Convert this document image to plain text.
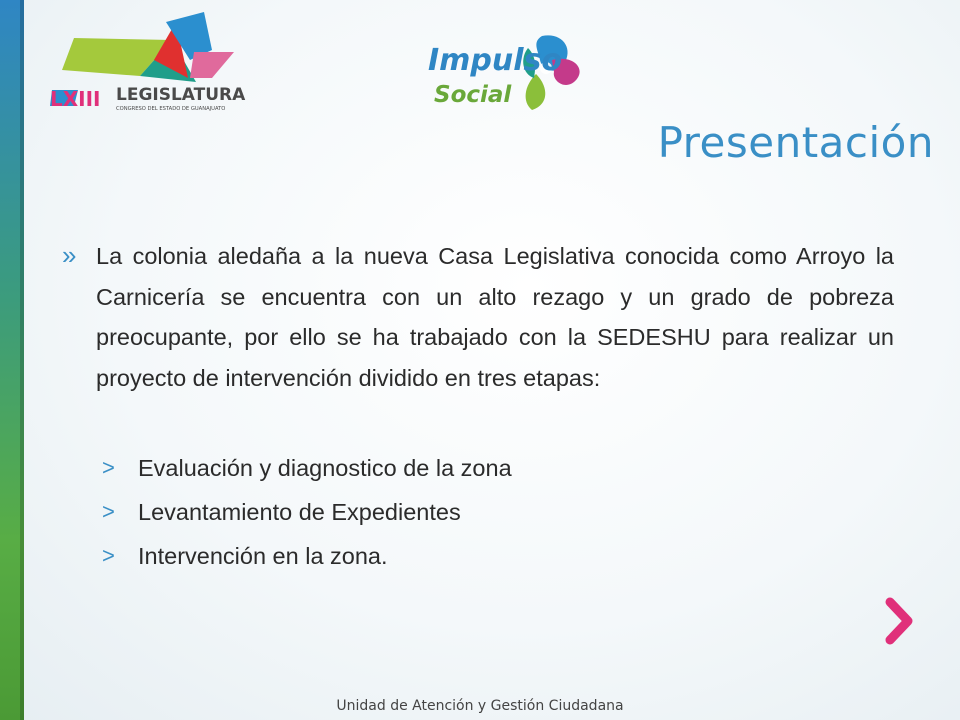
LXIII LEGISLATURA
CONGRESO DEL ESTADO DE GUANAJUATO
Impulso
Social
Presentación

» La colonia aledaña a la nueva Casa Legislativa conocida como Arroyo la Carnicería se encuentra con un alto rezago y un grado de pobreza preocupante, por ello se ha trabajado con la SEDESHU para realizar un proyecto de intervención dividido en tres etapas:

> Evaluación y diagnostico de la zona
> Levantamiento de Expedientes
> Intervención en la zona.
Unidad de Atención y Gestión Ciudadana
